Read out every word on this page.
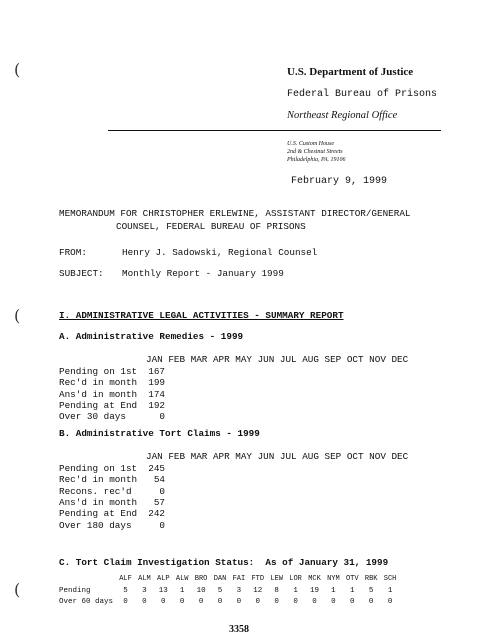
(
(
(
U.S. Department of Justice
Federal Bureau of Prisons
Northeast Regional Office
U.S. Custom House
2nd & Chestnut Streets
Philadelphia, PA. 19106
February 9, 1999
MEMORANDUM FOR CHRISTOPHER ERLEWINE, ASSISTANT DIRECTOR/GENERAL
COUNSEL, FEDERAL BUREAU OF PRISONS
FROM:	Henry J. Sadowski, Regional Counsel
SUBJECT: Monthly Report - January 1999
I. ADMINISTRATIVE LEGAL ACTIVITIES - SUMMARY REPORT
A. Administrative Remedies - 1999
JAN FEB MAR APR MAY JUN JUL AUG SEP OCT NOV DEC
Pending on 1st	167
Rec'd in month	199
Ans'd in month	174
Pending at End	192
Over 30 days	0
B. Administrative Tort Claims - 1999
JAN FEB MAR APR MAY JUN JUL AUG SEP OCT NOV DEC
Pending on 1st	245
Rec'd in month	54
Recons. rec'd	0
Ans'd in month	57
Pending at End	242
Over 180 days	0
C. Tort Claim Investigation Status:  As of January 31, 1999
ALF ALM ALP ALW BRO DAN FAI FTD LEW LOR MCK NYM OTV RBK SCH
Pending	5	3	13	1	10	5	3	12	8	1	19	1	1	5	1
Over 60 days	0	0	0	0	0	0	0	0	0	0	0	0	0	0	0
3358
